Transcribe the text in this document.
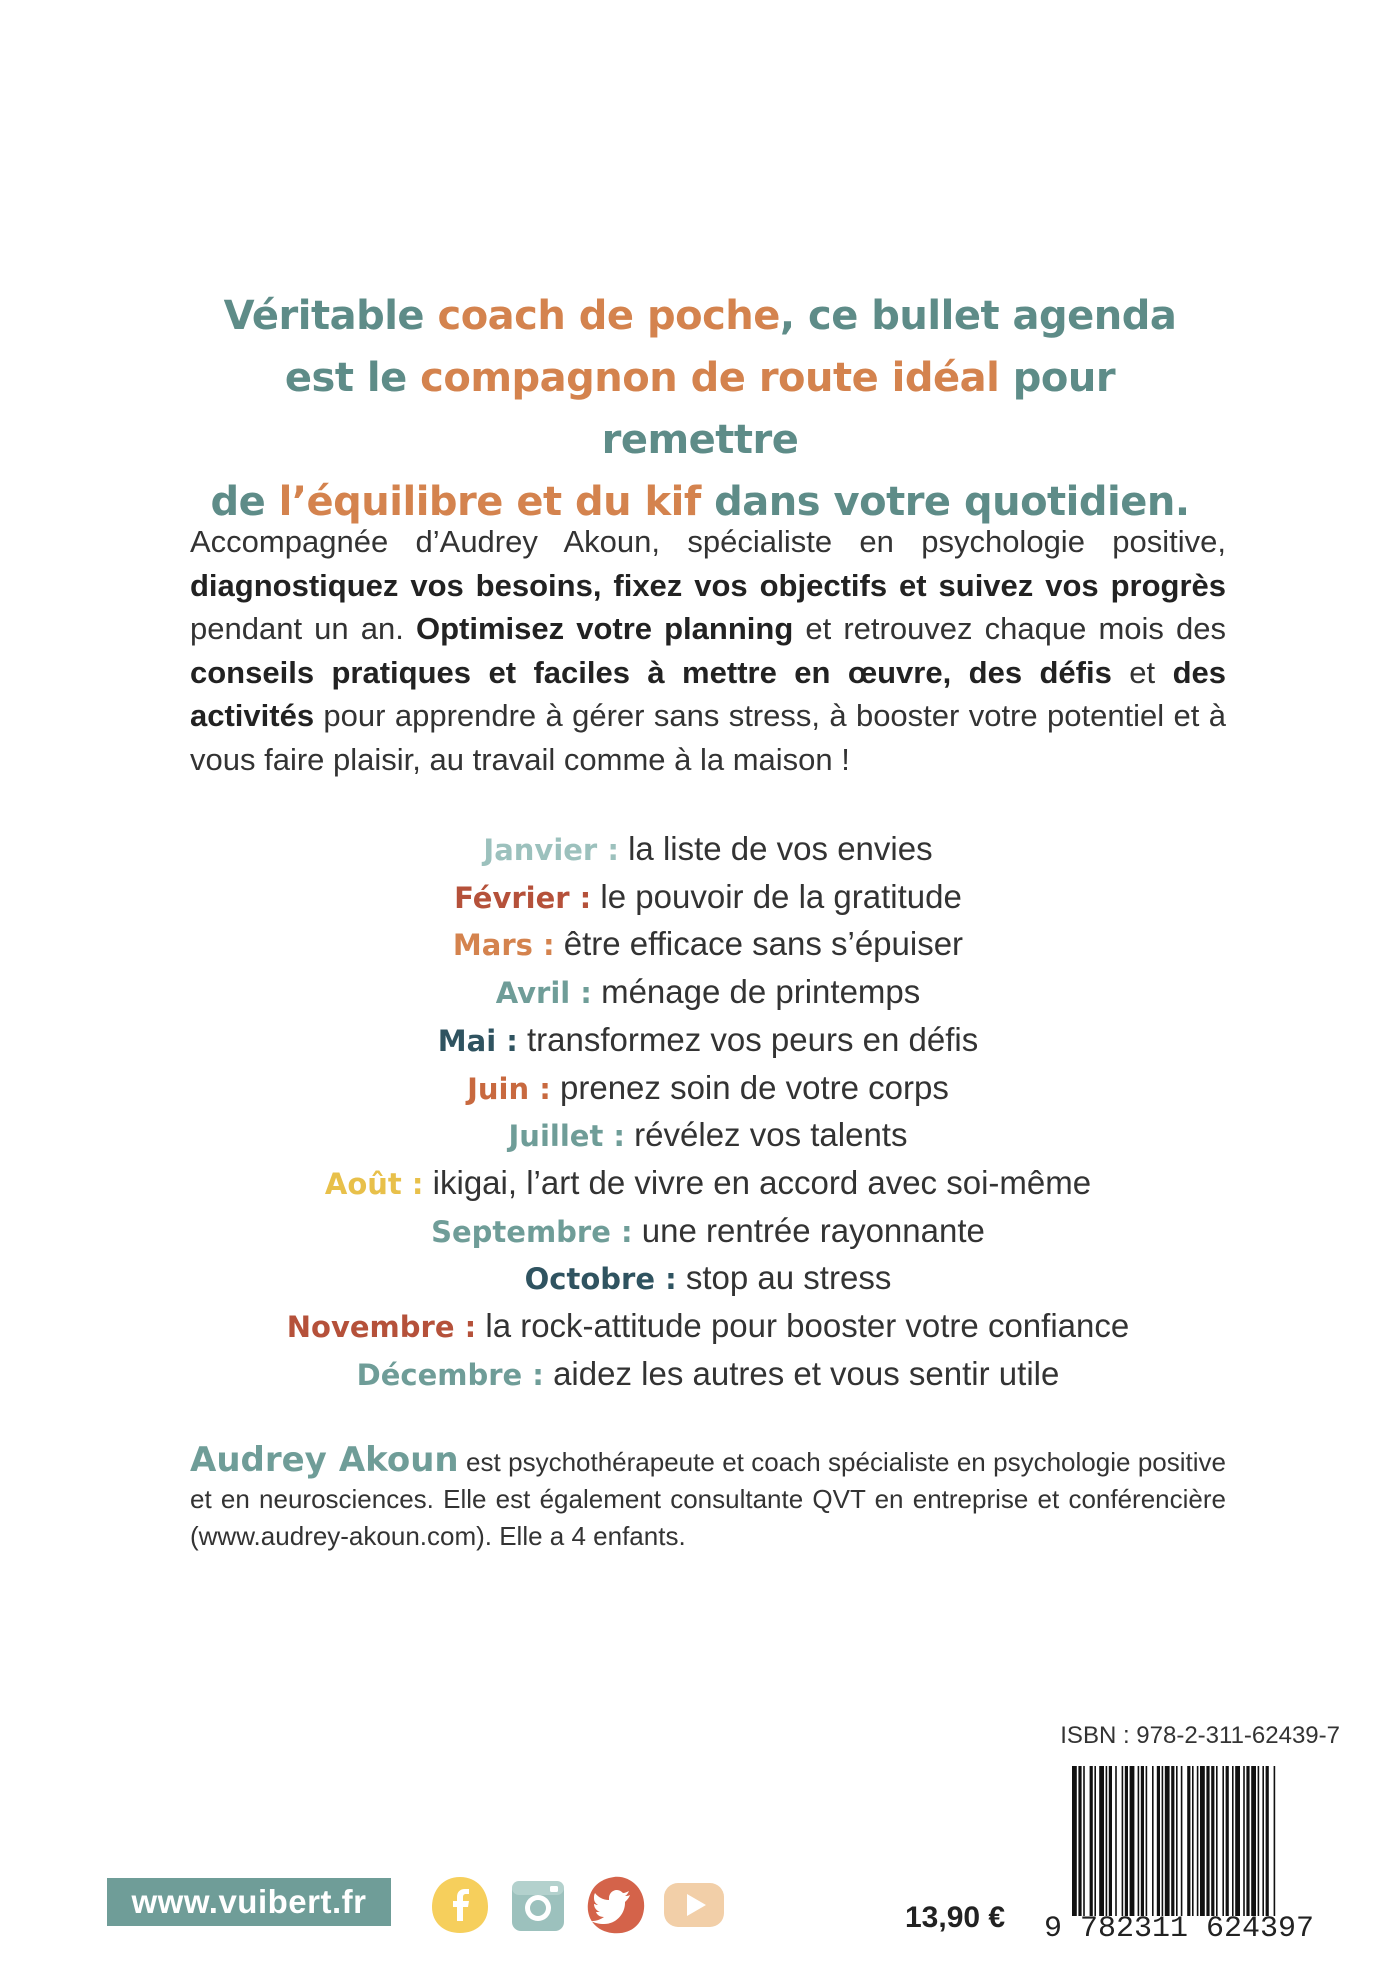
Véritable coach de poche, ce bullet agenda
est le compagnon de route idéal pour remettre
de l’équilibre et du kif dans votre quotidien.
Accompagnée d’Audrey Akoun, spécialiste en psychologie positive, diagnostiquez vos besoins, fixez vos objectifs et suivez vos progrès pendant un an. Optimisez votre planning et retrouvez chaque mois des conseils pratiques et faciles à mettre en œuvre, des défis et des activités pour apprendre à gérer sans stress, à booster votre potentiel et à vous faire plaisir, au travail comme à la maison !
Janvier : la liste de vos envies
Février : le pouvoir de la gratitude
Mars : être efficace sans s’épuiser
Avril : ménage de printemps
Mai : transformez vos peurs en défis
Juin : prenez soin de votre corps
Juillet : révélez vos talents
Août : ikigai, l’art de vivre en accord avec soi-même
Septembre : une rentrée rayonnante
Octobre : stop au stress
Novembre : la rock-attitude pour booster votre confiance
Décembre : aidez les autres et vous sentir utile
Audrey Akoun est psychothérapeute et coach spécialiste en psychologie positive et en neurosciences. Elle est également consultante QVT en entreprise et conférencière (www.audrey-akoun.com). Elle a 4 enfants.
ISBN : 978-2-311-62439-7
9 782311 624397
13,90 €
www.vuibert.fr
